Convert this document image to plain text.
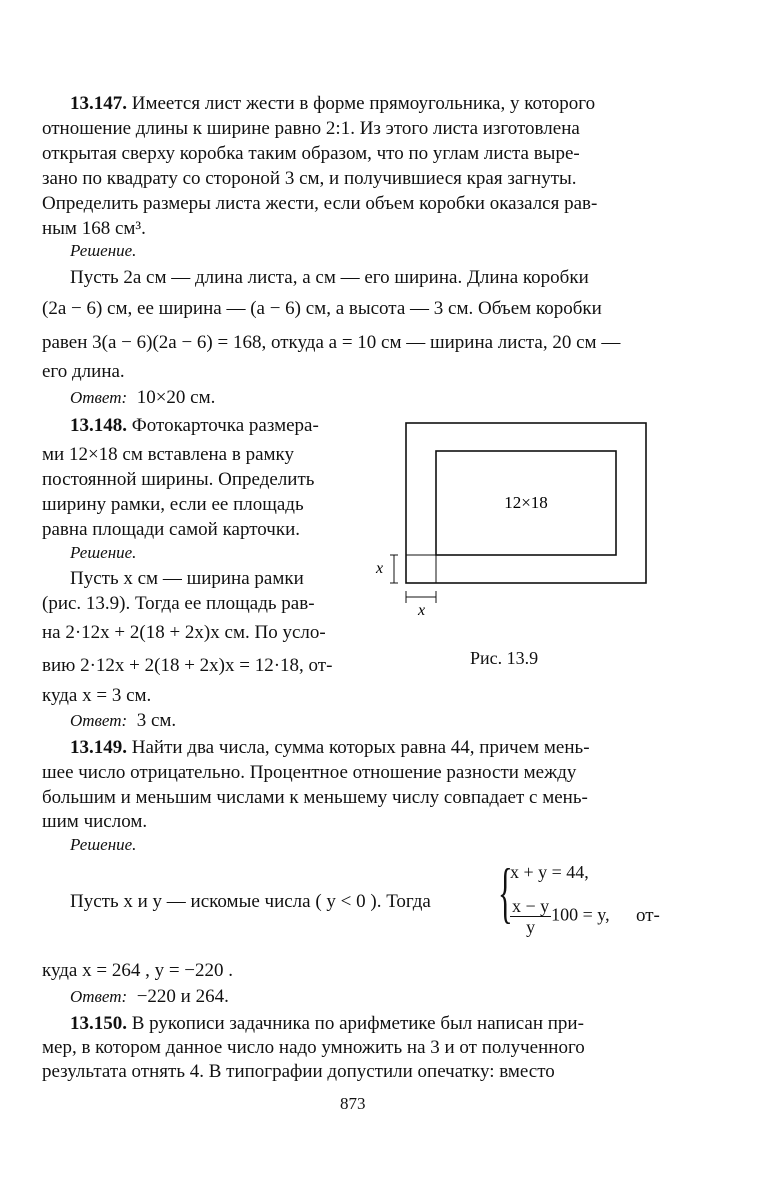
13.147. Имеется лист жести в форме прямоугольника, у которого
отношение длины к ширине равно 2:1. Из этого листа изготовлена
открытая сверху коробка таким образом, что по углам листа выре-
зано по квадрату со стороной 3 см, и получившиеся края загнуты.
Определить размеры листа жести, если объем коробки оказался рав-
ным 168 см³.
Решение.
Пусть 2a см — длина листа, a см — его ширина. Длина коробки
(2a − 6) см, ее ширина — (a − 6) см, а высота — 3 см. Объем коробки
равен 3(a − 6)(2a − 6) = 168, откуда a = 10 см — ширина листа, 20 см —
его длина.
Ответ: 10×20 см.
13.148. Фотокарточка размера-
ми 12×18 см вставлена в рамку
постоянной ширины. Определить
ширину рамки, если ее площадь
равна площади самой карточки.
Решение.
Пусть x см — ширина рамки
(рис. 13.9). Тогда ее площадь рав-
на 2·12x + 2(18 + 2x)x см. По усло-
вию 2·12x + 2(18 + 2x)x = 12·18, от-
куда x = 3 см.
Ответ: 3 см.
12×18
x
x
Рис. 13.9
13.149. Найти два числа, сумма которых равна 44, причем мень-
шее число отрицательно. Процентное отношение разности между
большим и меньшим числами к меньшему числу совпадает с мень-
шим числом.
Решение.
Пусть x и y — искомые числа ( y < 0 ). Тогда {
x + y = 44,
$\frac{x - y}{y} 100 = y$, от-
куда x = 264 , y = −220 .
Ответ: −220 и 264.
13.150. В рукописи задачника по арифметике был написан при-
мер, в котором данное число надо умножить на 3 и от полученного
результата отнять 4. В типографии допустили опечатку: вместо
873
